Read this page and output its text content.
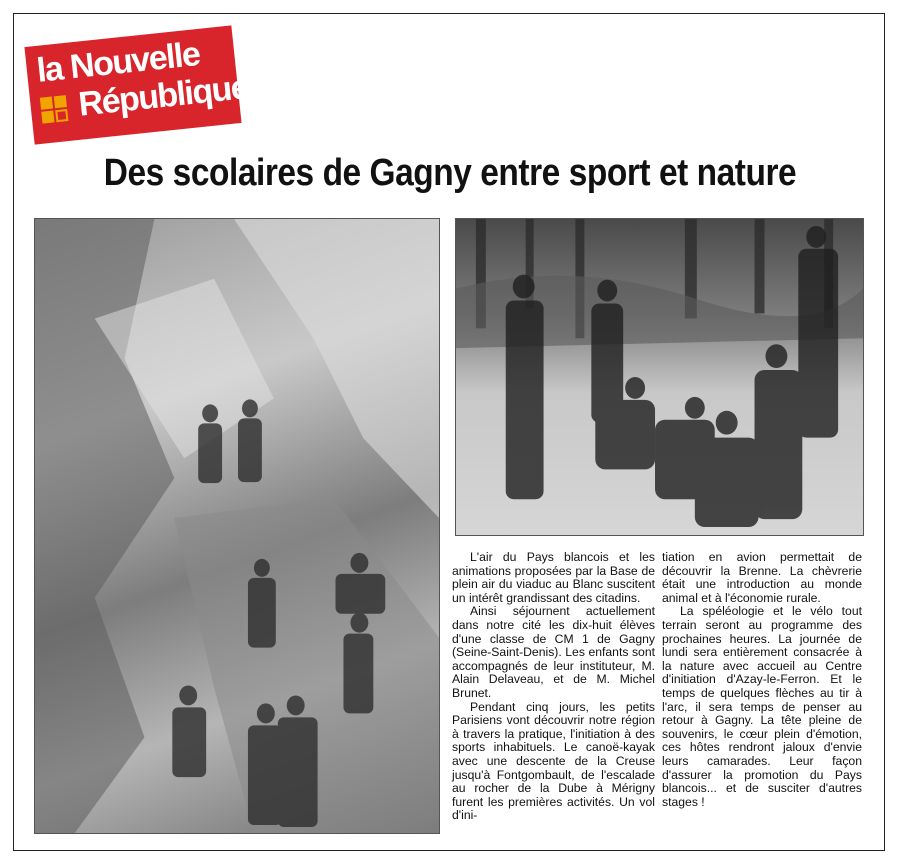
la Nouvelle
République
Des scolaires de Gagny entre sport et nature

L'air du Pays blancois et les animations proposées par la Base de plein air du viaduc au Blanc suscitent un intérêt grandissant des citadins.

Ainsi séjournent actuellement dans notre cité les dix-huit élèves d'une classe de CM 1 de Gagny (Seine-Saint-Denis). Les enfants sont accompagnés de leur instituteur, M. Alain Delaveau, et de M. Michel Brunet.

Pendant cinq jours, les petits Parisiens vont découvrir notre région à travers la pratique, l'initiation à des sports inhabituels. Le canoë-kayak avec une descente de la Creuse jusqu'à Fontgombault, de l'escalade au rocher de la Dube à Mérigny furent les premières activités. Un vol d'ini-

tiation en avion permettait de découvrir la Brenne. La chèvrerie était une introduction au monde animal et à l'économie rurale.

La spéléologie et le vélo tout terrain seront au programme des prochaines heures. La journée de lundi sera entièrement consacrée à la nature avec accueil au Centre d'initiation d'Azay-le-Ferron. Et le temps de quelques flèches au tir à l'arc, il sera temps de penser au retour à Gagny. La tête pleine de souvenirs, le cœur plein d'émotion, ces hôtes rendront jaloux d'envie leurs camarades. Leur façon d'assurer la promotion du Pays blancois... et de susciter d'autres stages !
